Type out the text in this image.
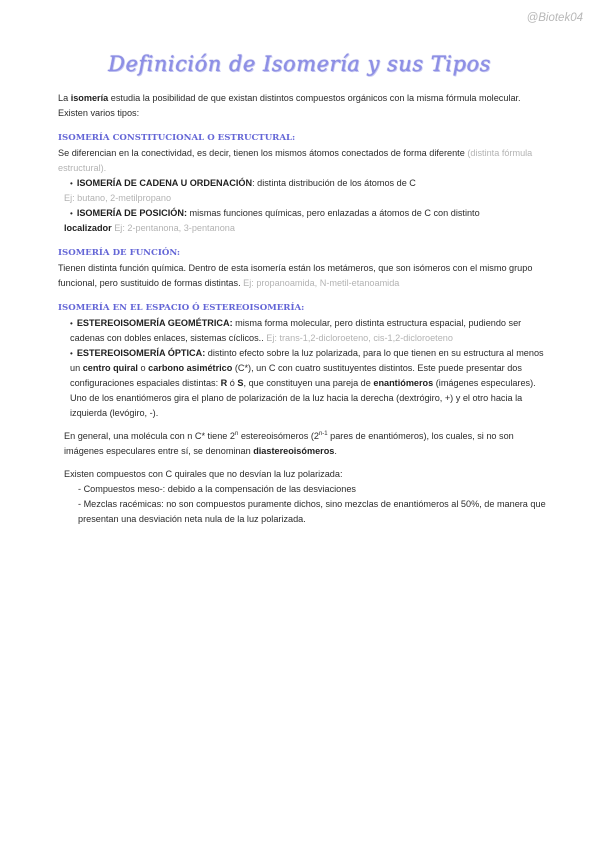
@Biotek04
Definición de Isomería y sus Tipos

La isomería estudia la posibilidad de que existan distintos compuestos orgánicos con la misma fórmula molecular. Existen varios tipos:

ISOMERÍA CONSTITUCIONAL O ESTRUCTURAL:

Se diferencian en la conectividad, es decir, tienen los mismos átomos conectados de forma diferente (distinta fórmula estructural).

• ISOMERÍA DE CADENA U ORDENACIÓN: distinta distribución de los átomos de C

Ej: butano, 2-metilpropano

• ISOMERÍA DE POSICIÓN: mismas funciones químicas, pero enlazadas a átomos de C con distinto

localizador Ej: 2-pentanona, 3-pentanona

ISOMERÍA DE FUNCIÓN:

Tienen distinta función química. Dentro de esta isomería están los metámeros, que son isómeros con el mismo grupo funcional, pero sustituido de formas distintas. Ej: propanoamida, N-metil-etanoamida

ISOMERÍA EN EL ESPACIO Ó ESTEREOISOMERÍA:

• ESTEREOISOMERÍA GEOMÉTRICA: misma forma molecular, pero distinta estructura espacial, pudiendo ser cadenas con dobles enlaces, sistemas cíclicos.. Ej: trans-1,2-dicloroeteno, cis-1,2-dicloroeteno

• ESTEREOISOMERÍA ÓPTICA: distinto efecto sobre la luz polarizada, para lo que tienen en su estructura al menos un centro quiral o carbono asimétrico (C*), un C con cuatro sustituyentes distintos. Este puede presentar dos configuraciones espaciales distintas: R ó S, que constituyen una pareja de enantiómeros (imágenes especulares). Uno de los enantiómeros gira el plano de polarización de la luz hacia la derecha (dextrógiro, +) y el otro hacia la izquierda (levógiro, -).

En general, una molécula con n C* tiene 2$^n$ estereoisómeros (2$^{n-1}$ pares de enantiómeros), los cuales, si no son imágenes especulares entre sí, se denominan diastereoisómeros.

Existen compuestos con C quirales que no desvían la luz polarizada:

- Compuestos meso-: debido a la compensación de las desviaciones

- Mezclas racémicas: no son compuestos puramente dichos, sino mezclas de enantiómeros al 50%, de manera que presentan una desviación neta nula de la luz polarizada.
